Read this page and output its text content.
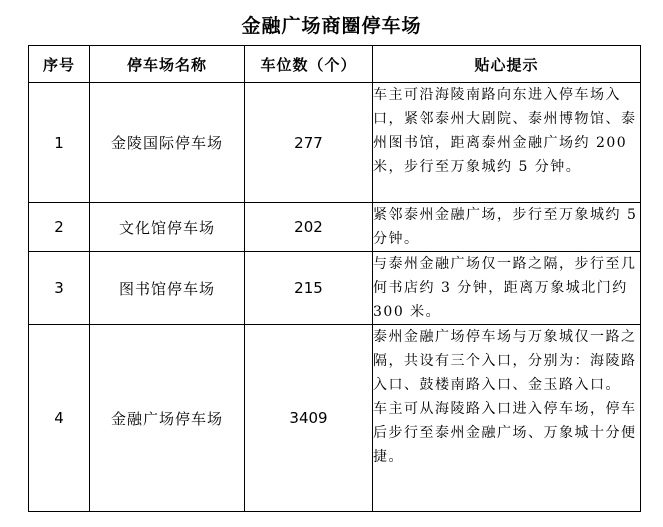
金融广场商圈停车场
序号	停车场名称	车位数（个）	贴心提示
1	金陵国际停车场	277	车主可沿海陵南路向东进入停车场入口，紧邻泰州大剧院、泰州博物馆、泰州图书馆，距离泰州金融广场约 200 米，步行至万象城约 5 分钟。

2	文化馆停车场	202	紧邻泰州金融广场，步行至万象城约 5 分钟。

3	图书馆停车场	215	与泰州金融广场仅一路之隔，步行至几何书店约 3 分钟，距离万象城北门约 300 米。

4	金融广场停车场	3409	泰州金融广场停车场与万象城仅一路之隔，共设有三个入口，分别为：海陵路入口、鼓楼南路入口、金玉路入口。
车主可从海陵路入口进入停车场，停车后步行至泰州金融广场、万象城十分便捷。
